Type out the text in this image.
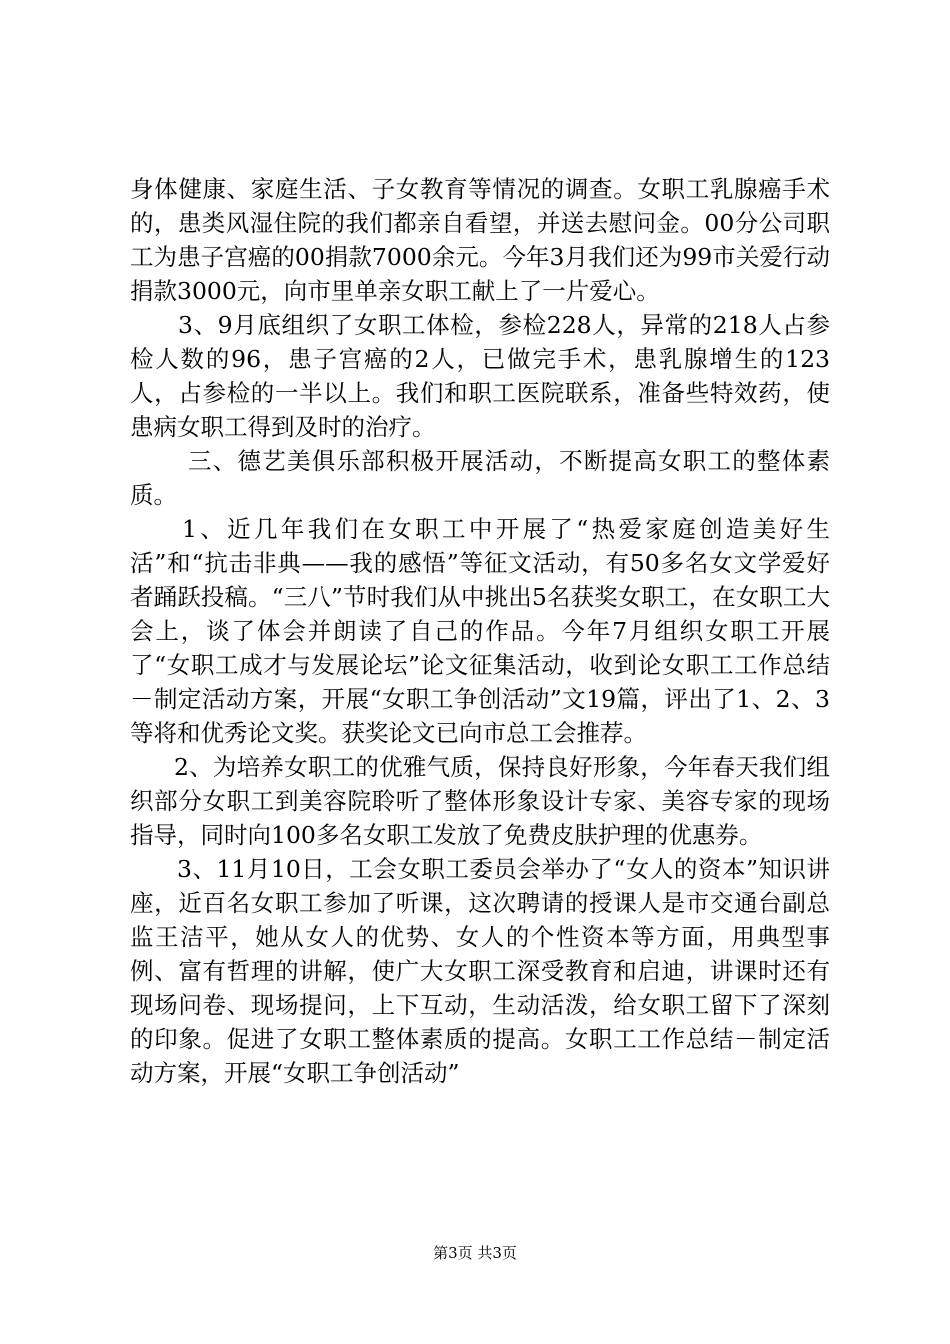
身体健康、家庭生活、子女教育等情况的调查。女职工乳腺癌手术的，患类风湿住院的我们都亲自看望，并送去慰问金。00分公司职工为患子宫癌的00捐款7000余元。今年3月我们还为99市关爱行动捐款3000元，向市里单亲女职工献上了一片爱心。

3、9月底组织了女职工体检，参检228人，异常的218人占参检人数的96，患子宫癌的2人，已做完手术，患乳腺增生的123人，占参检的一半以上。我们和职工医院联系，准备些特效药，使患病女职工得到及时的治疗。

三、德艺美俱乐部积极开展活动，不断提高女职工的整体素质。

1、近几年我们在女职工中开展了“热爱家庭创造美好生活”和“抗击非典——我的感悟”等征文活动，有50多名女文学爱好者踊跃投稿。“三八”节时我们从中挑出5名获奖女职工，在女职工大会上，谈了体会并朗读了自己的作品。今年7月组织女职工开展了“女职工成才与发展论坛”论文征集活动，收到论女职工工作总结－制定活动方案，开展“女职工争创活动”文19篇，评出了1、2、3等将和优秀论文奖。获奖论文已向市总工会推荐。

2、为培养女职工的优雅气质，保持良好形象，今年春天我们组织部分女职工到美容院聆听了整体形象设计专家、美容专家的现场指导，同时向100多名女职工发放了免费皮肤护理的优惠券。

3、11月10日，工会女职工委员会举办了“女人的资本”知识讲座，近百名女职工参加了听课，这次聘请的授课人是市交通台副总监王洁平，她从女人的优势、女人的个性资本等方面，用典型事例、富有哲理的讲解，使广大女职工深受教育和启迪，讲课时还有现场问卷、现场提问，上下互动，生动活泼，给女职工留下了深刻的印象。促进了女职工整体素质的提高。女职工工作总结－制定活动方案，开展“女职工争创活动”

第3页 共3页
